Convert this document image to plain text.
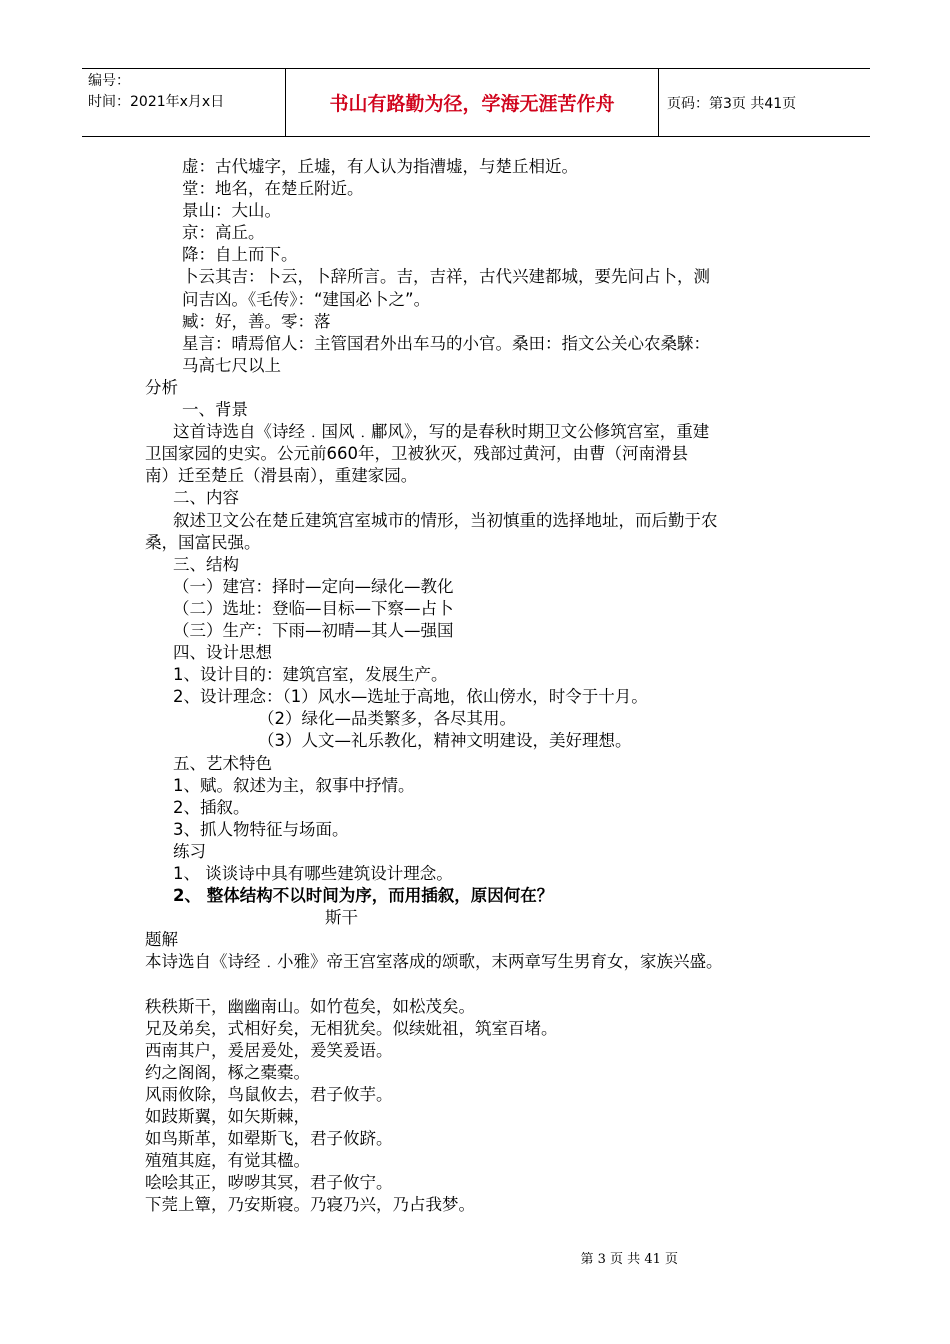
编号：
时间：2021年x月x日	书山有路勤为径，学海无涯苦作舟	页码：第3页 共41页
虚：古代墟字，丘墟，有人认为指漕墟，与楚丘相近。
堂：地名，在楚丘附近。
景山：大山。
京：高丘。
降：自上而下。
卜云其吉：卜云，卜辞所言。吉，吉祥，古代兴建都城，要先问占卜，测
问吉凶。《毛传》：“建国必卜之”。
臧：好，善。零：落
星言：晴焉倌人：主管国君外出车马的小官。桑田：指文公关心农桑騋：
马高七尺以上
分析
一、背景
这首诗选自《诗经﹒国风﹒鄘风》，写的是春秋时期卫文公修筑宫室，重建
卫国家园的史实。公元前660年，卫被狄灭，残部过黄河，由曹（河南滑县
南）迁至楚丘（滑县南），重建家园。
二、内容
叙述卫文公在楚丘建筑宫室城市的情形，当初慎重的选择地址，而后勤于农
桑，国富民强。
三、结构
（一）建宫：择时—定向—绿化—教化
（二）选址：登临—目标—下察—占卜
（三）生产：下雨—初晴—其人—强国
四、设计思想
1、设计目的：建筑宫室，发展生产。
2、设计理念：（1）风水—选址于高地，依山傍水，时令于十月。
（2）绿化—品类繁多，各尽其用。
（3）人文—礼乐教化，精神文明建设，美好理想。
五、艺术特色
1、赋。叙述为主，叙事中抒情。
2、插叙。
3、抓人物特征与场面。
练习
1、 谈谈诗中具有哪些建筑设计理念。
2、 整体结构不以时间为序，而用插叙，原因何在？
斯干
题解
本诗选自《诗经﹒小雅》帝王宫室落成的颂歌，末两章写生男育女，家族兴盛。
秩秩斯干，幽幽南山。如竹苞矣，如松茂矣。
兄及弟矣，式相好矣，无相犹矣。似续妣祖，筑室百堵。
西南其户，爰居爰处，爰笑爰语。
约之阁阁，椓之橐橐。
风雨攸除，鸟鼠攸去，君子攸芋。
如跂斯翼，如矢斯棘，
如鸟斯革，如翚斯飞，君子攸跻。
殖殖其庭，有觉其楹。
哙哙其正，哕哕其冥，君子攸宁。
下莞上簟，乃安斯寝。乃寝乃兴，乃占我梦。
第 3 页 共 41 页
